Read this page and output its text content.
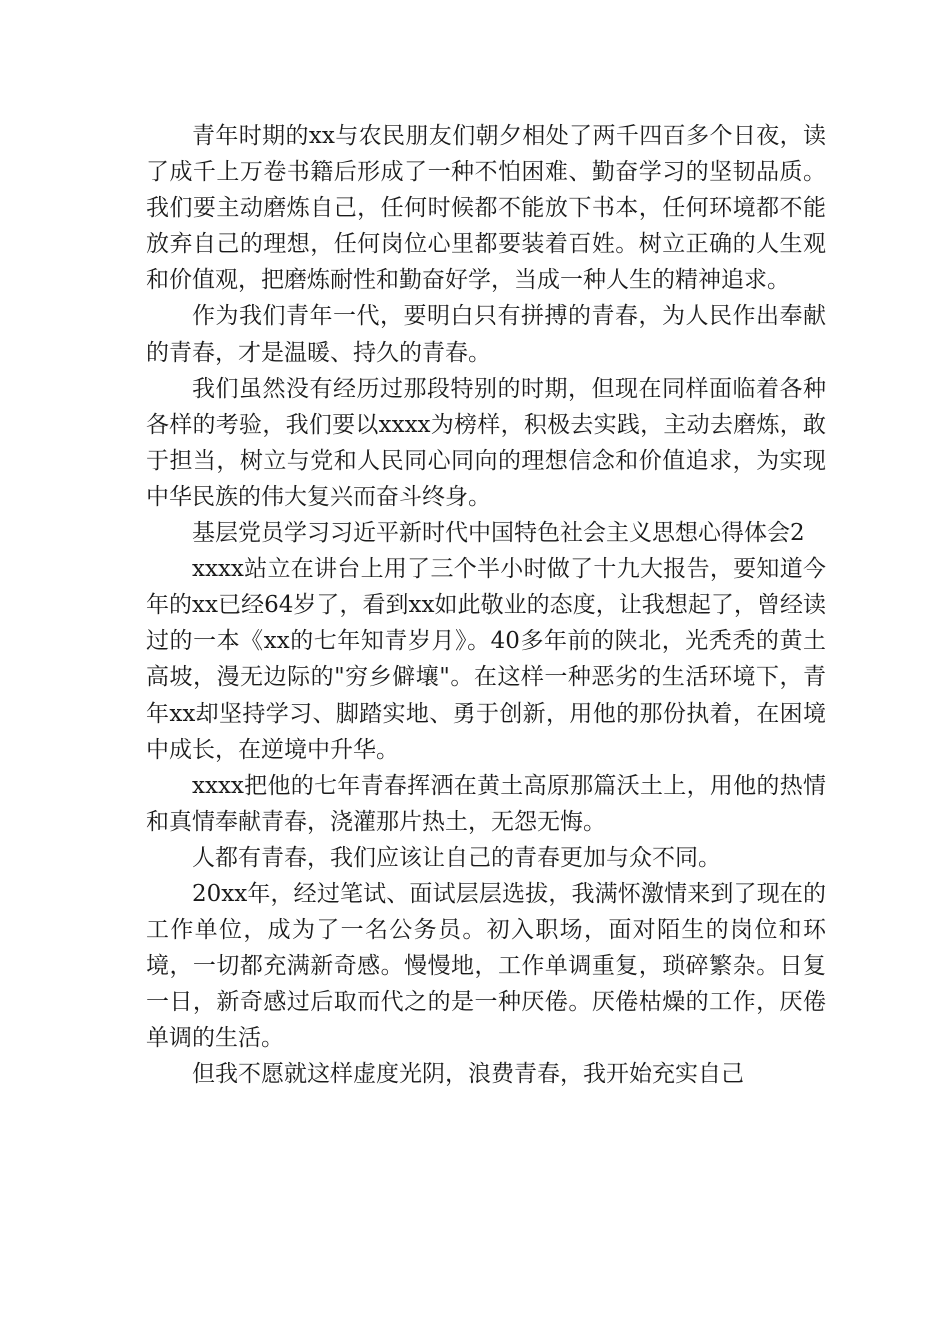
青年时期的xx与农民朋友们朝夕相处了两千四百多个日夜，读了成千上万卷书籍后形成了一种不怕困难、勤奋学习的坚韧品质。我们要主动磨炼自己，任何时候都不能放下书本，任何环境都不能放弃自己的理想，任何岗位心里都要装着百姓。树立正确的人生观和价值观，把磨炼耐性和勤奋好学，当成一种人生的精神追求。

作为我们青年一代，要明白只有拼搏的青春，为人民作出奉献的青春，才是温暖、持久的青春。

我们虽然没有经历过那段特别的时期，但现在同样面临着各种各样的考验，我们要以xxxx为榜样，积极去实践，主动去磨炼，敢于担当，树立与党和人民同心同向的理想信念和价值追求，为实现中华民族的伟大复兴而奋斗终身。

基层党员学习习近平新时代中国特色社会主义思想心得体会2

xxxx站立在讲台上用了三个半小时做了十九大报告，要知道今年的xx已经64岁了，看到xx如此敬业的态度，让我想起了，曾经读过的一本《xx的七年知青岁月》。40多年前的陕北，光秃秃的黄土高坡，漫无边际的"穷乡僻壤"。在这样一种恶劣的生活环境下，青年xx却坚持学习、脚踏实地、勇于创新，用他的那份执着，在困境中成长，在逆境中升华。

xxxx把他的七年青春挥洒在黄土高原那篇沃土上，用他的热情和真情奉献青春，浇灌那片热土，无怨无悔。

人都有青春，我们应该让自己的青春更加与众不同。

20xx年，经过笔试、面试层层选拔，我满怀激情来到了现在的工作单位，成为了一名公务员。初入职场，面对陌生的岗位和环境，一切都充满新奇感。慢慢地，工作单调重复，琐碎繁杂。日复一日，新奇感过后取而代之的是一种厌倦。厌倦枯燥的工作，厌倦单调的生活。

但我不愿就这样虚度光阴，浪费青春，我开始充实自己
